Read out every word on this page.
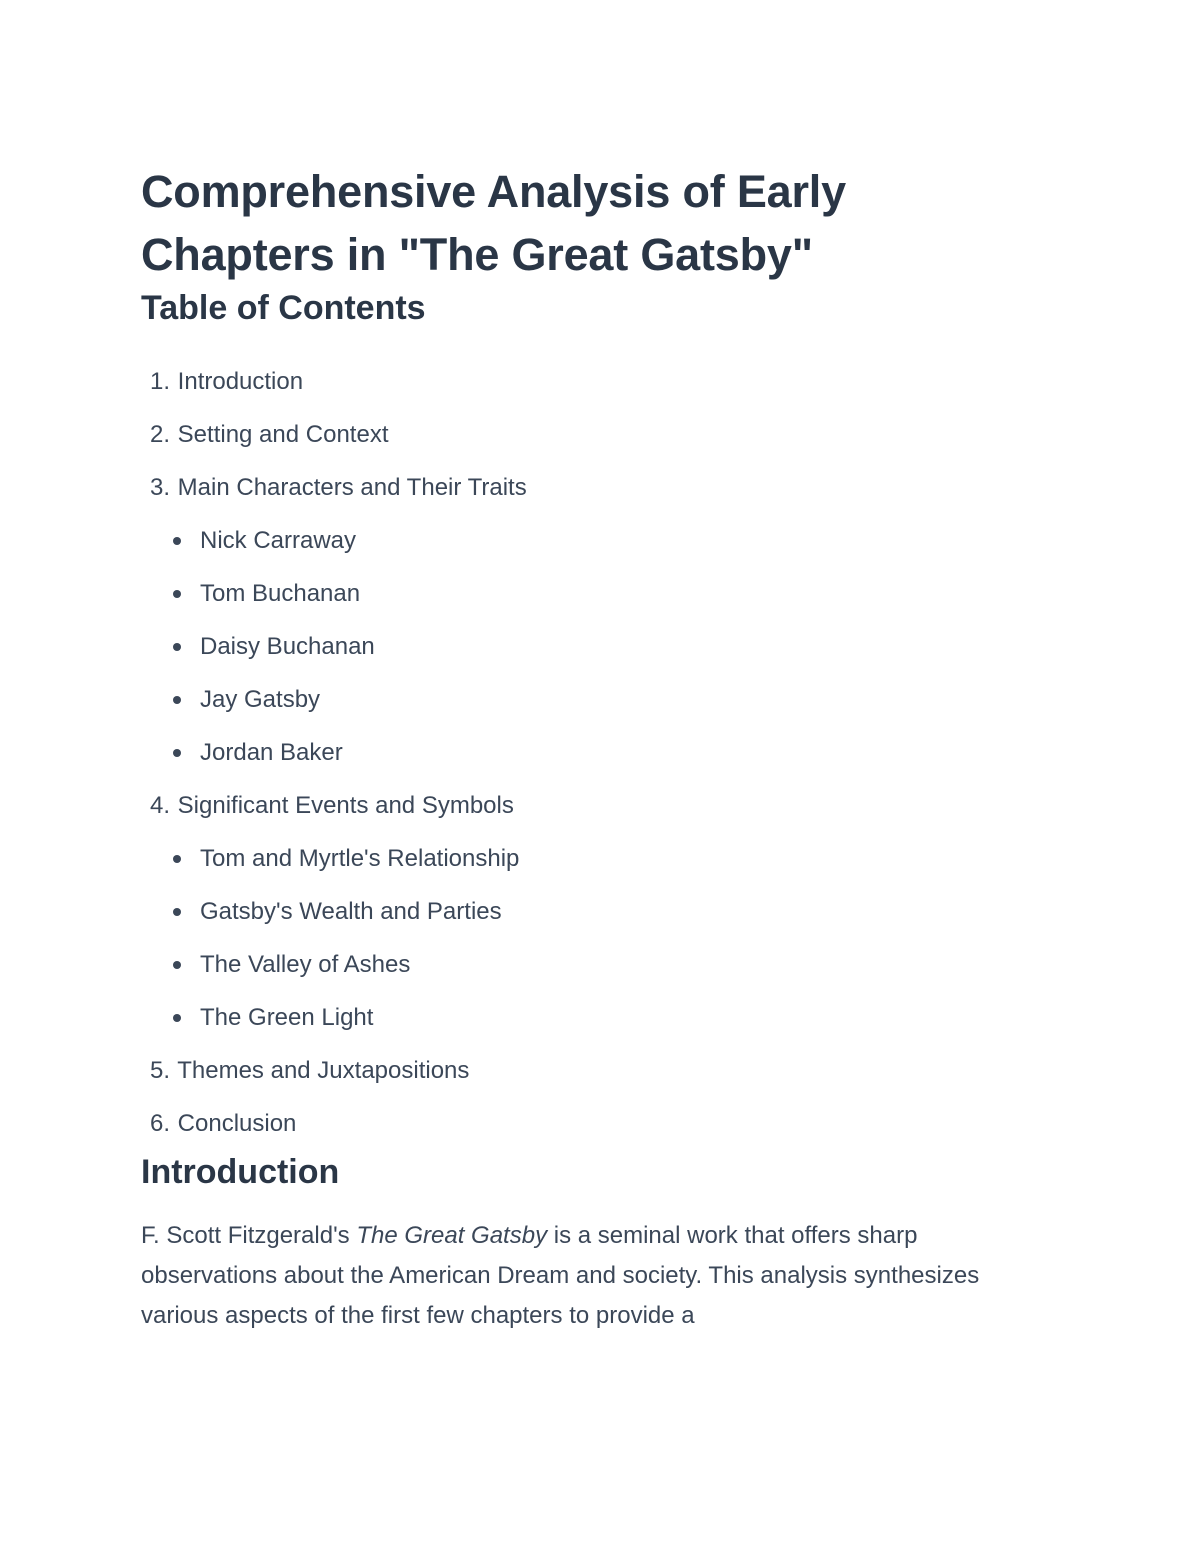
Comprehensive Analysis of Early Chapters in "The Great Gatsby"
Table of Contents
1. Introduction
2. Setting and Context
3. Main Characters and Their Traits
Nick Carraway
Tom Buchanan
Daisy Buchanan
Jay Gatsby
Jordan Baker
4. Significant Events and Symbols
Tom and Myrtle's Relationship
Gatsby's Wealth and Parties
The Valley of Ashes
The Green Light
5. Themes and Juxtapositions
6. Conclusion
Introduction

F. Scott Fitzgerald's The Great Gatsby is a seminal work that offers sharp observations about the American Dream and society. This analysis synthesizes various aspects of the first few chapters to provide a
